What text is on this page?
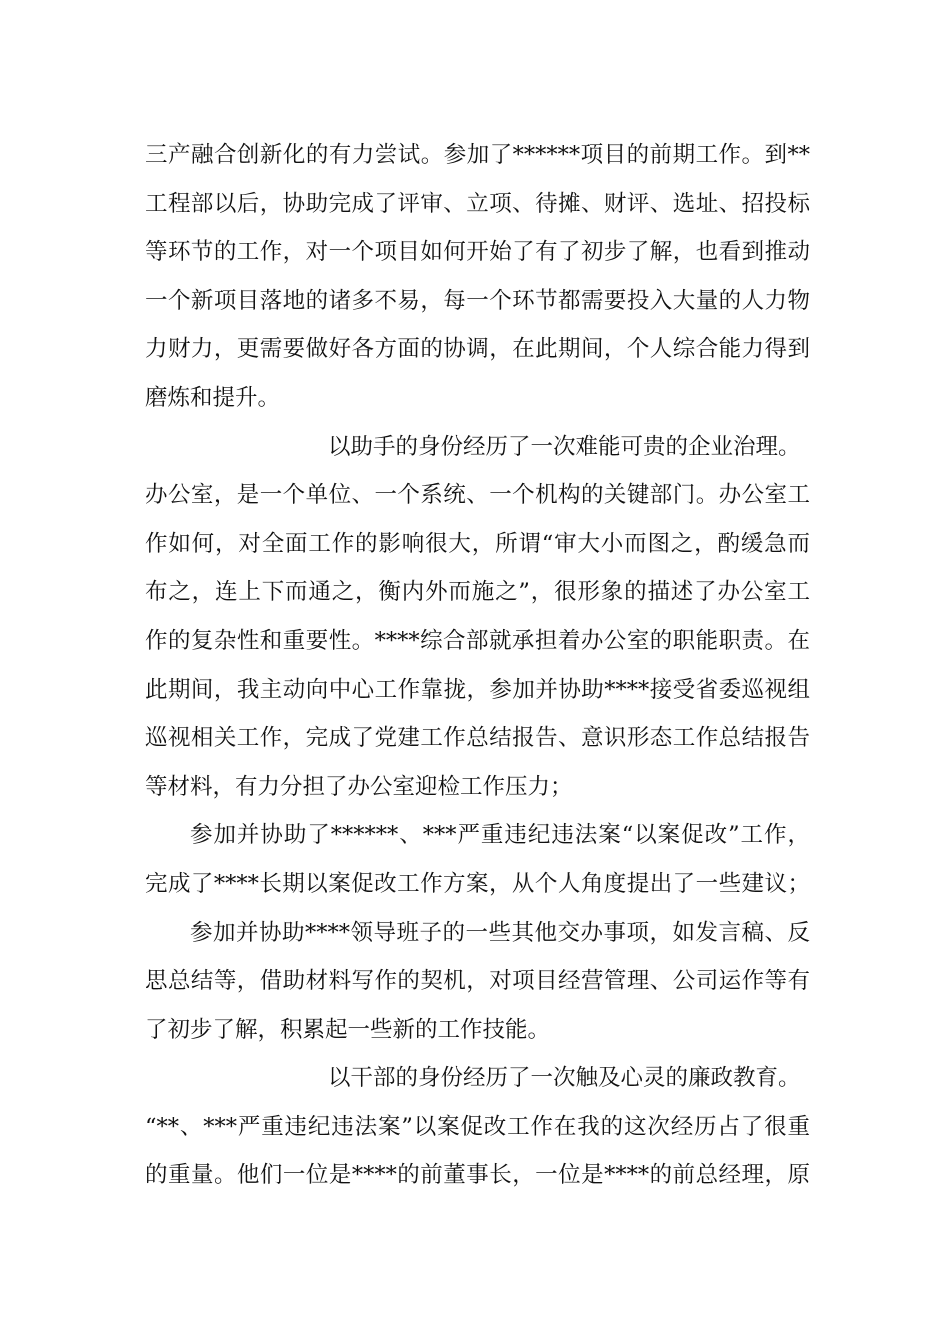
三产融合创新化的有力尝试。参加了******项目的前期工作。到**
工程部以后，协助完成了评审、立项、待摊、财评、选址、招投标
等环节的工作，对一个项目如何开始了有了初步了解，也看到推动
一个新项目落地的诸多不易，每一个环节都需要投入大量的人力物
力财力，更需要做好各方面的协调，在此期间，个人综合能力得到
磨炼和提升。
以助手的身份经历了一次难能可贵的企业治理。
办公室，是一个单位、一个系统、一个机构的关键部门。办公室工
作如何，对全面工作的影响很大，所谓“审大小而图之，酌缓急而
布之，连上下而通之，衡内外而施之”，很形象的描述了办公室工
作的复杂性和重要性。****综合部就承担着办公室的职能职责。在
此期间，我主动向中心工作靠拢，参加并协助****接受省委巡视组
巡视相关工作，完成了党建工作总结报告、意识形态工作总结报告
等材料，有力分担了办公室迎检工作压力；
参加并协助了******、***严重违纪违法案“以案促改”工作，
完成了****长期以案促改工作方案，从个人角度提出了一些建议；
参加并协助****领导班子的一些其他交办事项，如发言稿、反
思总结等，借助材料写作的契机，对项目经营管理、公司运作等有
了初步了解，积累起一些新的工作技能。
以干部的身份经历了一次触及心灵的廉政教育。
“**、***严重违纪违法案”以案促改工作在我的这次经历占了很重
的重量。他们一位是****的前董事长，一位是****的前总经理，原
